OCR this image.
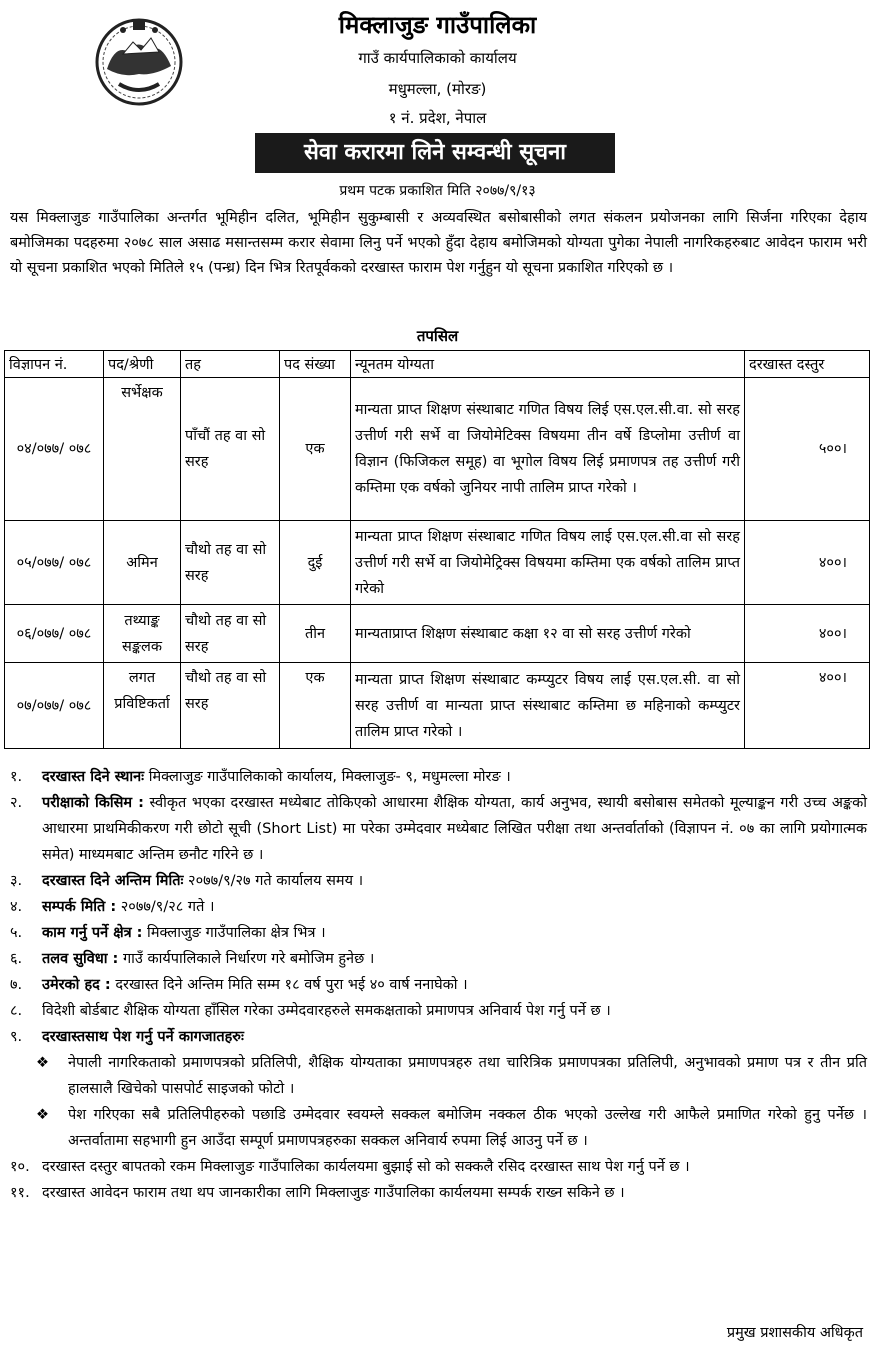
मिक्लाजुङ गाउँपालिका
गाउँ कार्यपालिकाको कार्यालय
मधुमल्ला, (मोरङ)
१ नं. प्रदेश, नेपाल
सेवा करारमा लिने सम्वन्धी सूचना
प्रथम पटक प्रकाशित मिति २०७७/९/१३
यस मिक्लाजुङ गाउँपालिका अन्तर्गत भूमिहीन दलित, भूमिहीन सुकुम्बासी र अव्यवस्थित बसोबासीको लगत संकलन प्रयोजनका लागि सिर्जना गरिएका देहाय बमोजिमका पदहरुमा २०७८ साल असाढ मसान्तसम्म करार सेवामा लिनु पर्ने भएको हुँदा देहाय बमोजिमको योग्यता पुगेका नेपाली नागरिकहरुबाट आवेदन फाराम भरी यो सूचना प्रकाशित भएको मितिले १५ (पन्ध्र) दिन भित्र रितपूर्वकको दरखास्त फाराम पेश गर्नुहुन यो सूचना प्रकाशित गरिएको छ ।
तपसिल
विज्ञापन नं.	पद/श्रेणी	तह	पद संख्या	न्यूनतम योग्यता	दरखास्त दस्तुर
०४/०७७/ ०७८	सर्भेक्षक	पाँचौं तह वा सो सरह	एक	मान्यता प्राप्त शिक्षण संस्थाबाट गणित विषय लिई एस.एल.सी.वा. सो सरह उत्तीर्ण गरी सर्भे वा जियोमेटिक्स विषयमा तीन वर्षे डिप्लोमा उत्तीर्ण वा विज्ञान (फिजिकल समूह) वा भूगोल विषय लिई प्रमाणपत्र तह उत्तीर्ण गरी कम्तिमा एक वर्षको जुनियर नापी तालिम प्राप्त गरेको ।	५००।
०५/०७७/ ०७८	अमिन	चौथो तह वा सो सरह	दुई	मान्यता प्राप्त शिक्षण संस्थाबाट गणित विषय लाई एस.एल.सी.वा सो सरह उत्तीर्ण गरी सर्भे वा जियोमेट्रिक्स विषयमा कम्तिमा एक वर्षको तालिम प्राप्त गरेको	४००।
०६/०७७/ ०७८	तथ्याङ्क सङ्कलक	चौथो तह वा सो सरह	तीन	मान्यताप्राप्त शिक्षण संस्थाबाट कक्षा १२ वा सो सरह उत्तीर्ण गरेको	४००।
०७/०७७/ ०७८	लगत प्रविष्टिकर्ता	चौथो तह वा सो सरह	एक	मान्यता प्राप्त शिक्षण संस्थाबाट कम्प्युटर विषय लाई एस.एल.सी. वा सो सरह उत्तीर्ण वा मान्यता प्राप्त संस्थाबाट कम्तिमा छ महिनाको कम्प्युटर तालिम प्राप्त गरेको ।	४००।
१.	दरखास्त दिने स्थानः मिक्लाजुङ गाउँपालिकाको कार्यालय, मिक्लाजुङ- ९, मधुमल्ला मोरङ ।
२.	परीक्षाको किसिम : स्वीकृत भएका दरखास्त मध्येबाट तोकिएको आधारमा शैक्षिक योग्यता, कार्य अनुभव, स्थायी बसोबास समेतको मूल्याङ्कन गरी उच्च अङ्कको आधारमा प्राथमिकीकरण गरी छोटो सूची (Short List) मा परेका उम्मेदवार मध्येबाट लिखित परीक्षा तथा अन्तर्वार्ताको (विज्ञापन नं. ०७ का लागि प्रयोगात्मक समेत) माध्यमबाट अन्तिम छनौट गरिने छ ।
३.	दरखास्त दिने अन्तिम मितिः २०७७/९/२७ गते कार्यालय समय ।
४.	सम्पर्क मिति : २०७७/९/२८ गते ।
५.	काम गर्नु पर्ने क्षेत्र : मिक्लाजुङ गाउँपालिका क्षेत्र भित्र ।
६.	तलव सुविधा : गाउँ कार्यपालिकाले निर्धारण गरे बमोजिम हुनेछ ।
७.	उमेरको हद : दरखास्त दिने अन्तिम मिति सम्म १८ वर्ष पुरा भई ४० वार्ष ननाघेको ।
८.	विदेशी बोर्डबाट शैक्षिक योग्यता हाँसिल गरेका उम्मेदवारहरुले समकक्षताको प्रमाणपत्र अनिवार्य पेश गर्नु पर्ने छ ।
९.	दरखास्तसाथ पेश गर्नु पर्ने कागजातहरुः
❖	नेपाली नागरिकताको प्रमाणपत्रको प्रतिलिपी, शैक्षिक योग्यताका प्रमाणपत्रहरु तथा चारित्रिक प्रमाणपत्रका प्रतिलिपी, अनुभावको प्रमाण पत्र र तीन प्रति हालसालै खिचेको पासपोर्ट साइजको फोटो ।
❖	पेश गरिएका सबै प्रतिलिपीहरुको पछाडि उम्मेदवार स्वयम्ले सक्कल बमोजिम नक्कल ठीक भएको उल्लेख गरी आफैले प्रमाणित गरेको हुनु पर्नेछ । अन्तर्वातामा सहभागी हुन आउँदा सम्पूर्ण प्रमाणपत्रहरुका सक्कल अनिवार्य रुपमा लिई आउनु पर्ने छ ।
१०. दरखास्त दस्तुर बापतको रकम मिक्लाजुङ गाउँपालिका कार्यलयमा बुझाई सो को सक्कलै रसिद दरखास्त साथ पेश गर्नु पर्ने छ ।
११. दरखास्त आवेदन फाराम तथा थप जानकारीका लागि मिक्लाजुङ गाउँपालिका कार्यलयमा सम्पर्क राख्न सकिने छ ।
प्रमुख प्रशासकीय अधिकृत
